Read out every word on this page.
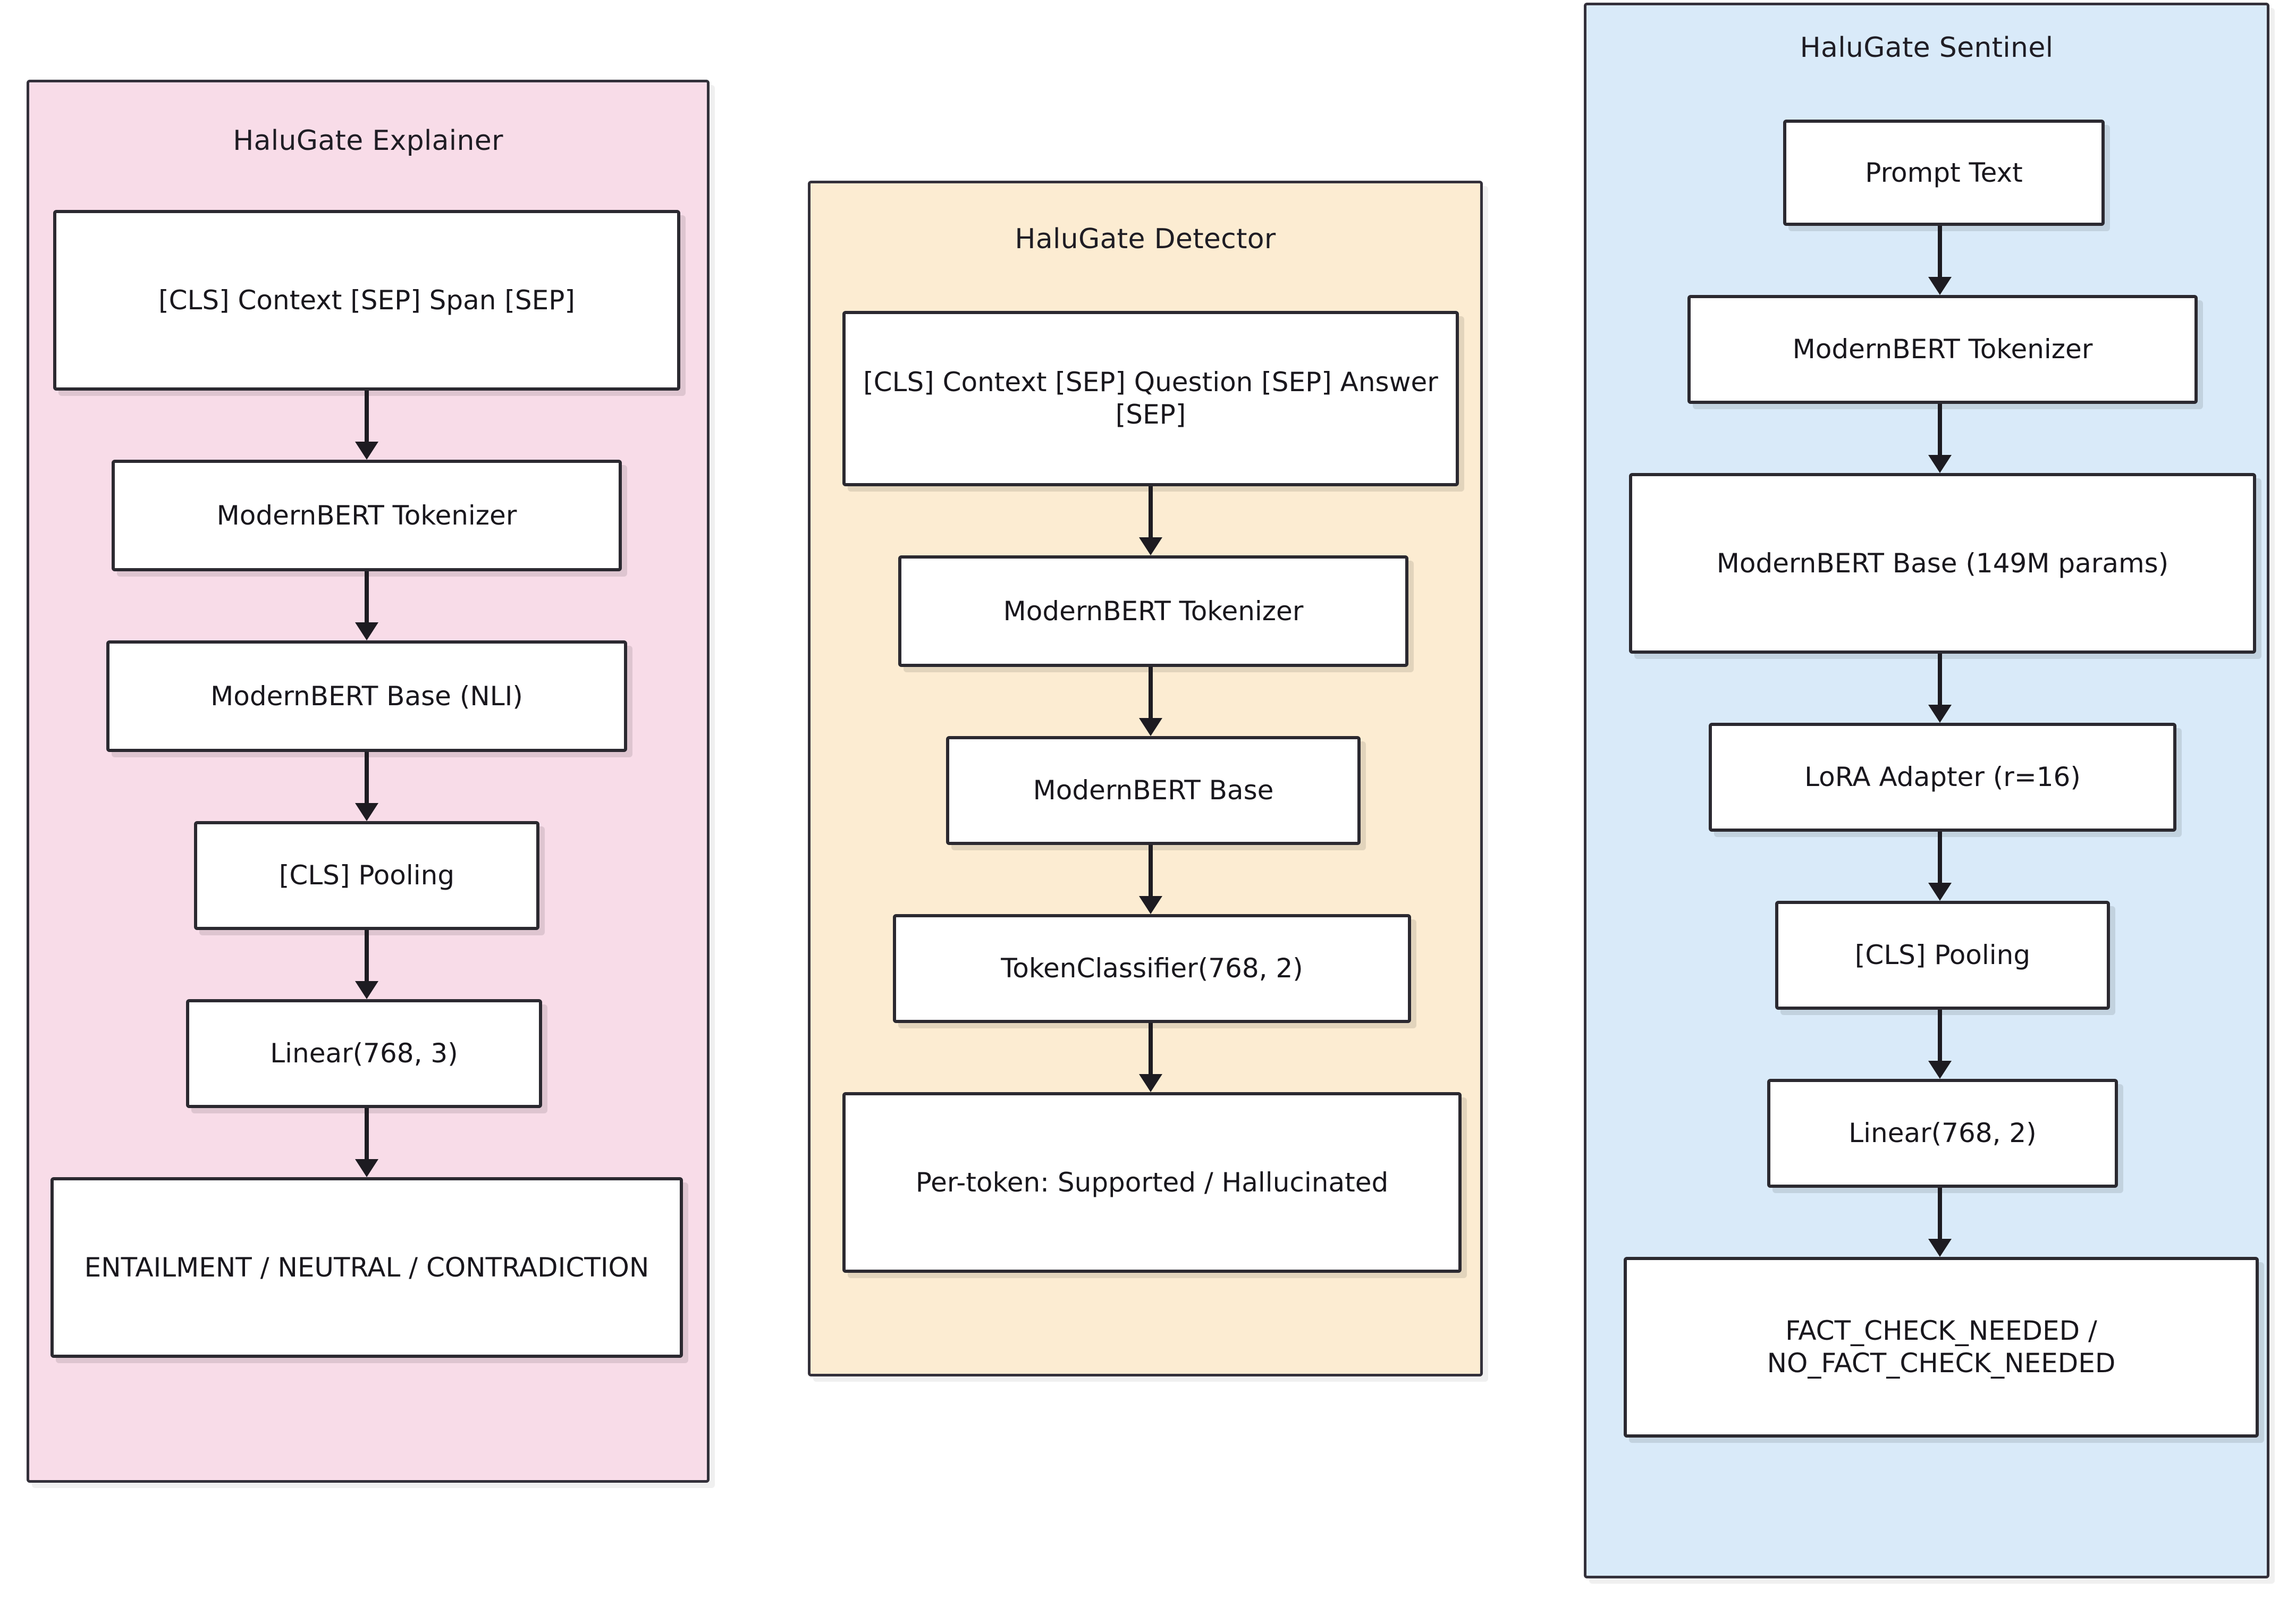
HaluGate Explainer
[CLS] Context [SEP] Span [SEP]
ModernBERT Tokenizer
ModernBERT Base (NLI)
[CLS] Pooling
Linear(768, 3)
ENTAILMENT / NEUTRAL / CONTRADICTION
HaluGate Detector
[CLS] Context [SEP] Question [SEP] Answer [SEP]
ModernBERT Tokenizer
ModernBERT Base
TokenClassifier(768, 2)
Per-token: Supported / Hallucinated
HaluGate Sentinel
Prompt Text
ModernBERT Tokenizer
ModernBERT Base (149M params)
LoRA Adapter (r=16)
[CLS] Pooling
Linear(768, 2)
FACT_CHECK_NEEDED / NO_FACT_CHECK_NEEDED
